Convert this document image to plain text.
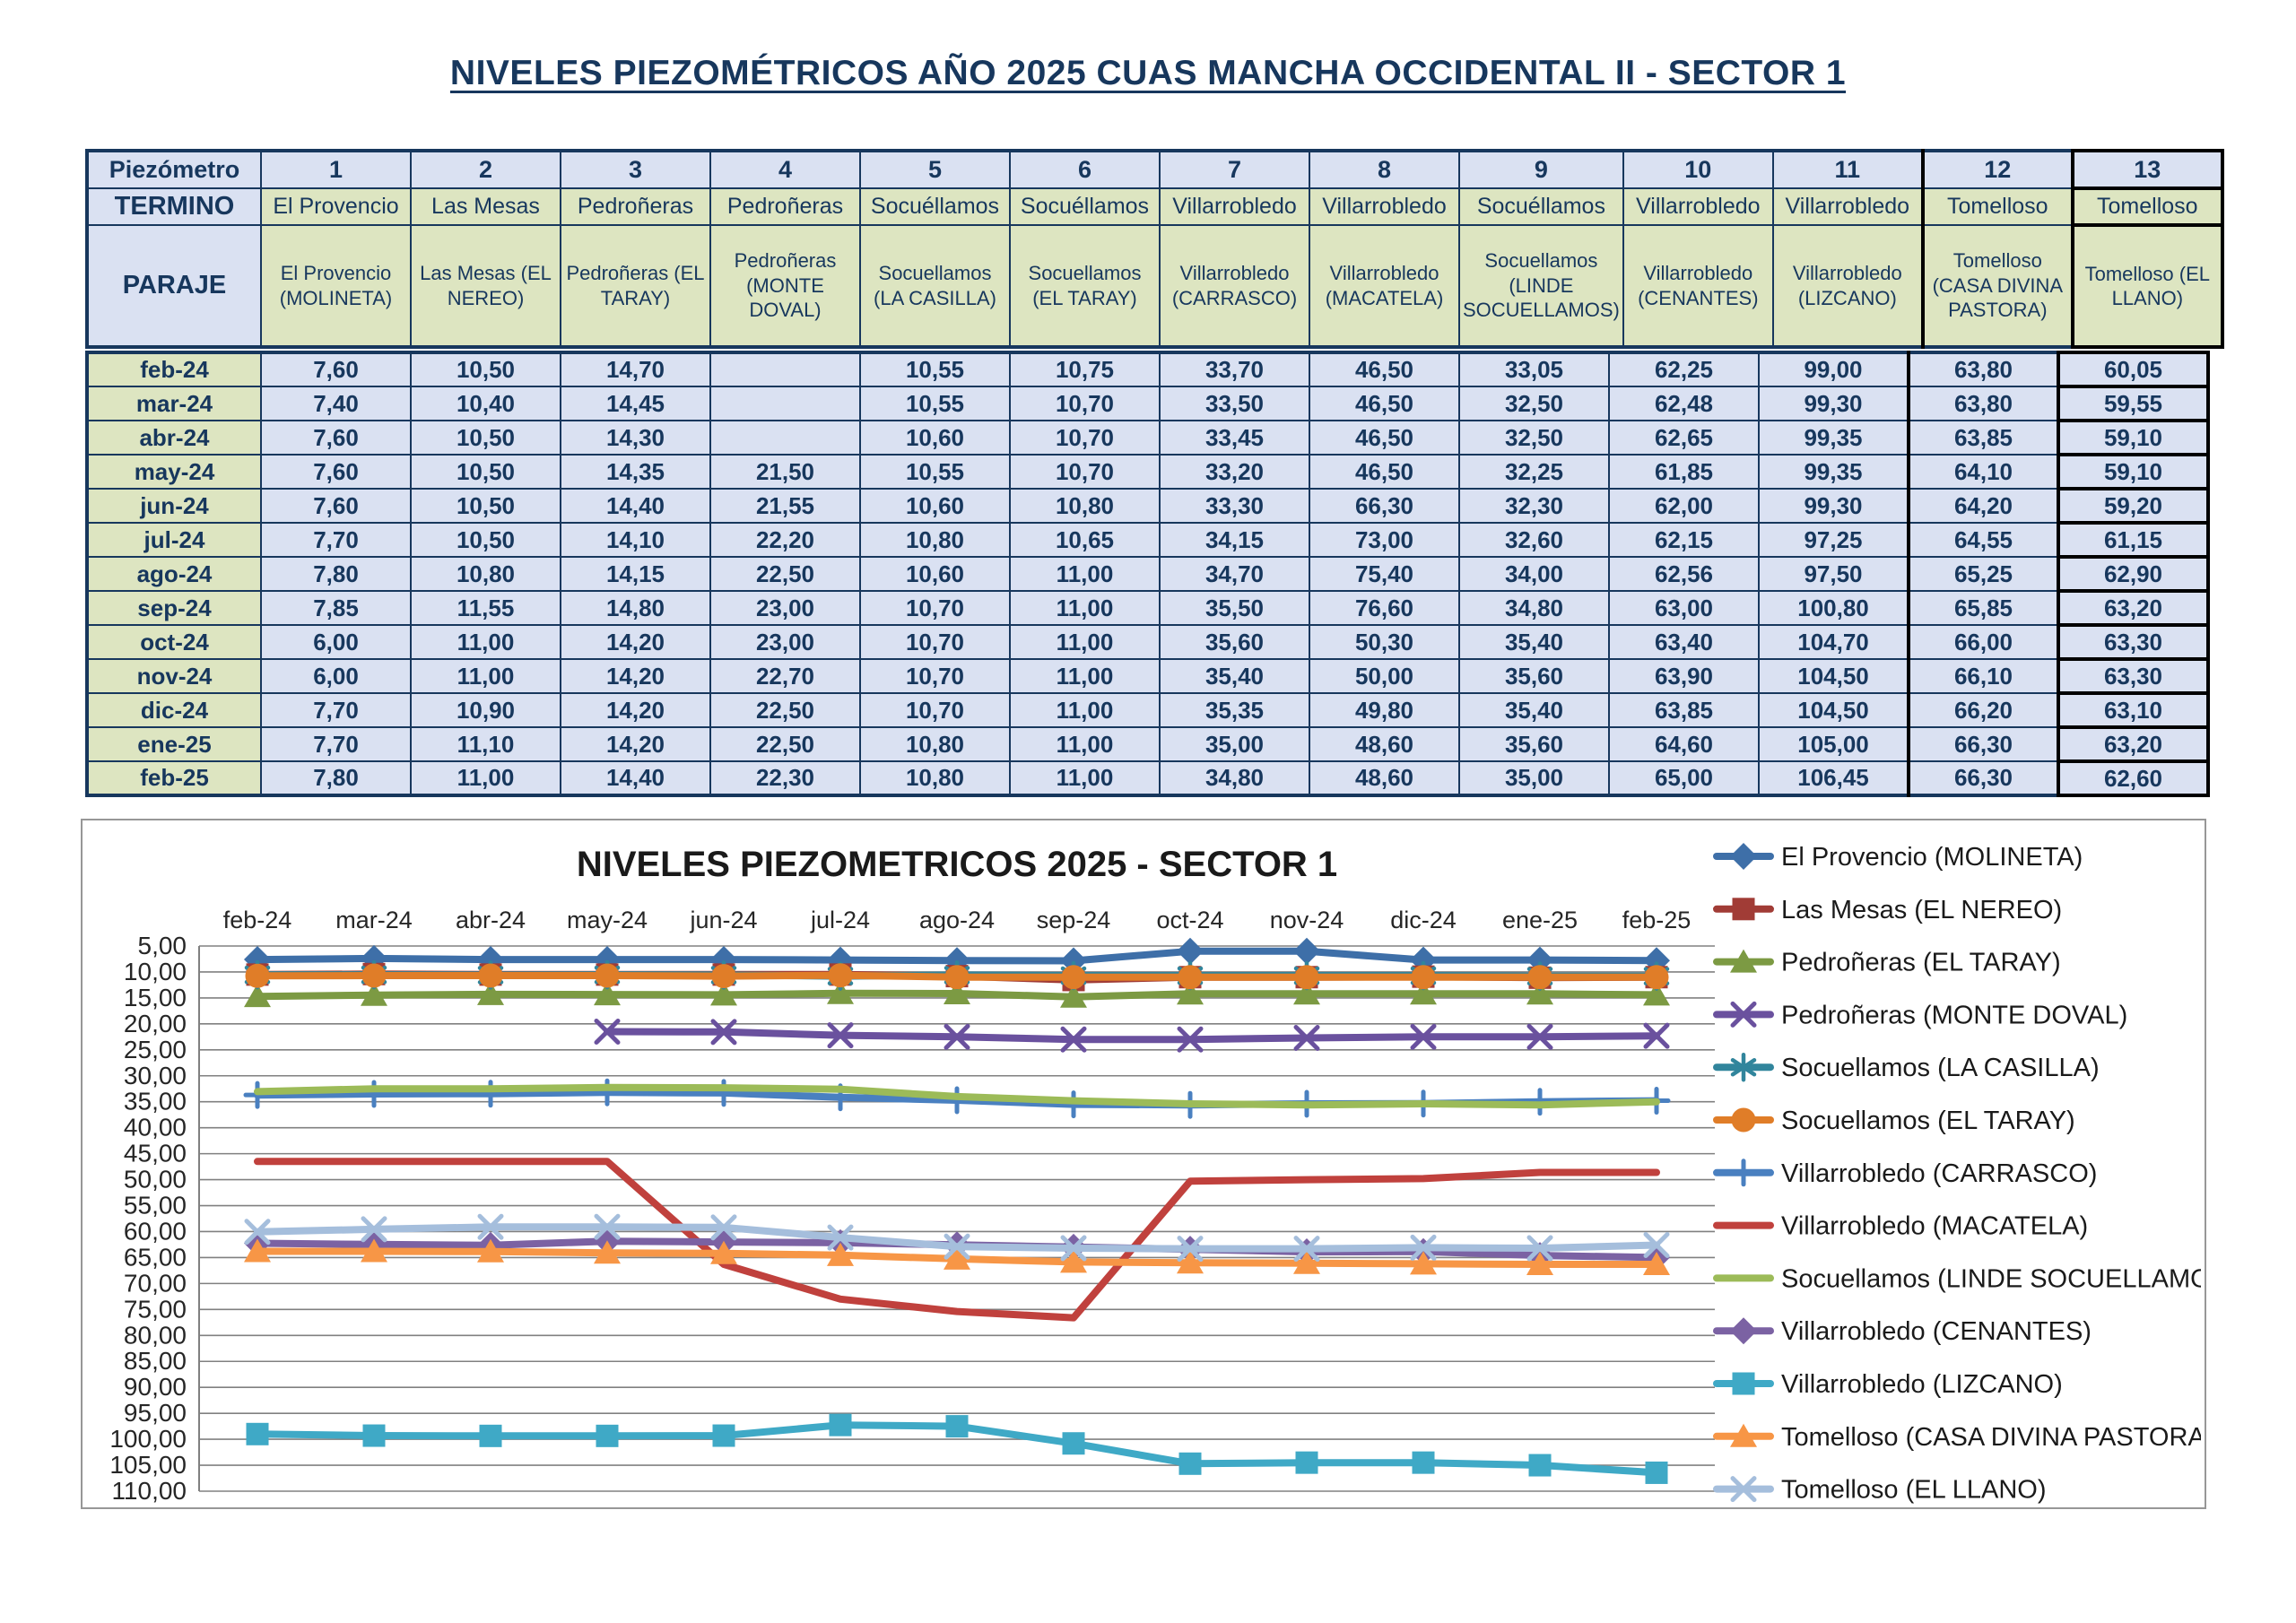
NIVELES PIEZOMÉTRICOS AÑO 2025 CUAS MANCHA OCCIDENTAL II - SECTOR 1
Piezómetro	1	2	3	4	5	6	7	8	9	10	11	12	13
TERMINO	El Provencio	Las Mesas	Pedroñeras	Pedroñeras	Socuéllamos	Socuéllamos	Villarrobledo	Villarrobledo	Socuéllamos	Villarrobledo	Villarrobledo	Tomelloso	Tomelloso
PARAJE	El Provencio (MOLINETA)	Las Mesas (EL NEREO)	Pedroñeras (EL TARAY)	Pedroñeras (MONTE DOVAL)	Socuellamos (LA CASILLA)	Socuellamos (EL TARAY)	Villarrobledo (CARRASCO)	Villarrobledo (MACATELA)	Socuellamos (LINDE SOCUELLAMOS)	Villarrobledo (CENANTES)	Villarrobledo (LIZCANO)	Tomelloso (CASA DIVINA PASTORA)	Tomelloso (EL LLANO)
feb-24	7,60	10,50	14,70		10,55	10,75	33,70	46,50	33,05	62,25	99,00	63,80	60,05
mar-24	7,40	10,40	14,45		10,55	10,70	33,50	46,50	32,50	62,48	99,30	63,80	59,55
abr-24	7,60	10,50	14,30		10,60	10,70	33,45	46,50	32,50	62,65	99,35	63,85	59,10
may-24	7,60	10,50	14,35	21,50	10,55	10,70	33,20	46,50	32,25	61,85	99,35	64,10	59,10
jun-24	7,60	10,50	14,40	21,55	10,60	10,80	33,30	66,30	32,30	62,00	99,30	64,20	59,20
jul-24	7,70	10,50	14,10	22,20	10,80	10,65	34,15	73,00	32,60	62,15	97,25	64,55	61,15
ago-24	7,80	10,80	14,15	22,50	10,60	11,00	34,70	75,40	34,00	62,56	97,50	65,25	62,90
sep-24	7,85	11,55	14,80	23,00	10,70	11,00	35,50	76,60	34,80	63,00	100,80	65,85	63,20
oct-24	6,00	11,00	14,20	23,00	10,70	11,00	35,60	50,30	35,40	63,40	104,70	66,00	63,30
nov-24	6,00	11,00	14,20	22,70	10,70	11,00	35,40	50,00	35,60	63,90	104,50	66,10	63,30
dic-24	7,70	10,90	14,20	22,50	10,70	11,00	35,35	49,80	35,40	63,85	104,50	66,20	63,10
ene-25	7,70	11,10	14,20	22,50	10,80	11,00	35,00	48,60	35,60	64,60	105,00	66,30	63,20
feb-25	7,80	11,00	14,40	22,30	10,80	11,00	34,80	48,60	35,00	65,00	106,45	66,30	62,60
NIVELES PIEZOMETRICOS 2025 - SECTOR 1
5,00
10,00
15,00
20,00
25,00
30,00
35,00
40,00
45,00
50,00
55,00
60,00
65,00
70,00
75,00
80,00
85,00
90,00
95,00
100,00
105,00
110,00
feb-24 mar-24 abr-24 may-24 jun-24 jul-24 ago-24 sep-24 oct-24 nov-24 dic-24 ene-25 feb-25
El Provencio (MOLINETA)
Las Mesas (EL NEREO)
Pedroñeras (EL TARAY)
Pedroñeras (MONTE DOVAL)
Socuellamos (LA CASILLA)
Socuellamos (EL TARAY)
Villarrobledo (CARRASCO)
Villarrobledo (MACATELA)
Socuellamos (LINDE SOCUELLAMOS)
Villarrobledo (CENANTES)
Villarrobledo (LIZCANO)
Tomelloso (CASA DIVINA PASTORA)
Tomelloso (EL LLANO)
